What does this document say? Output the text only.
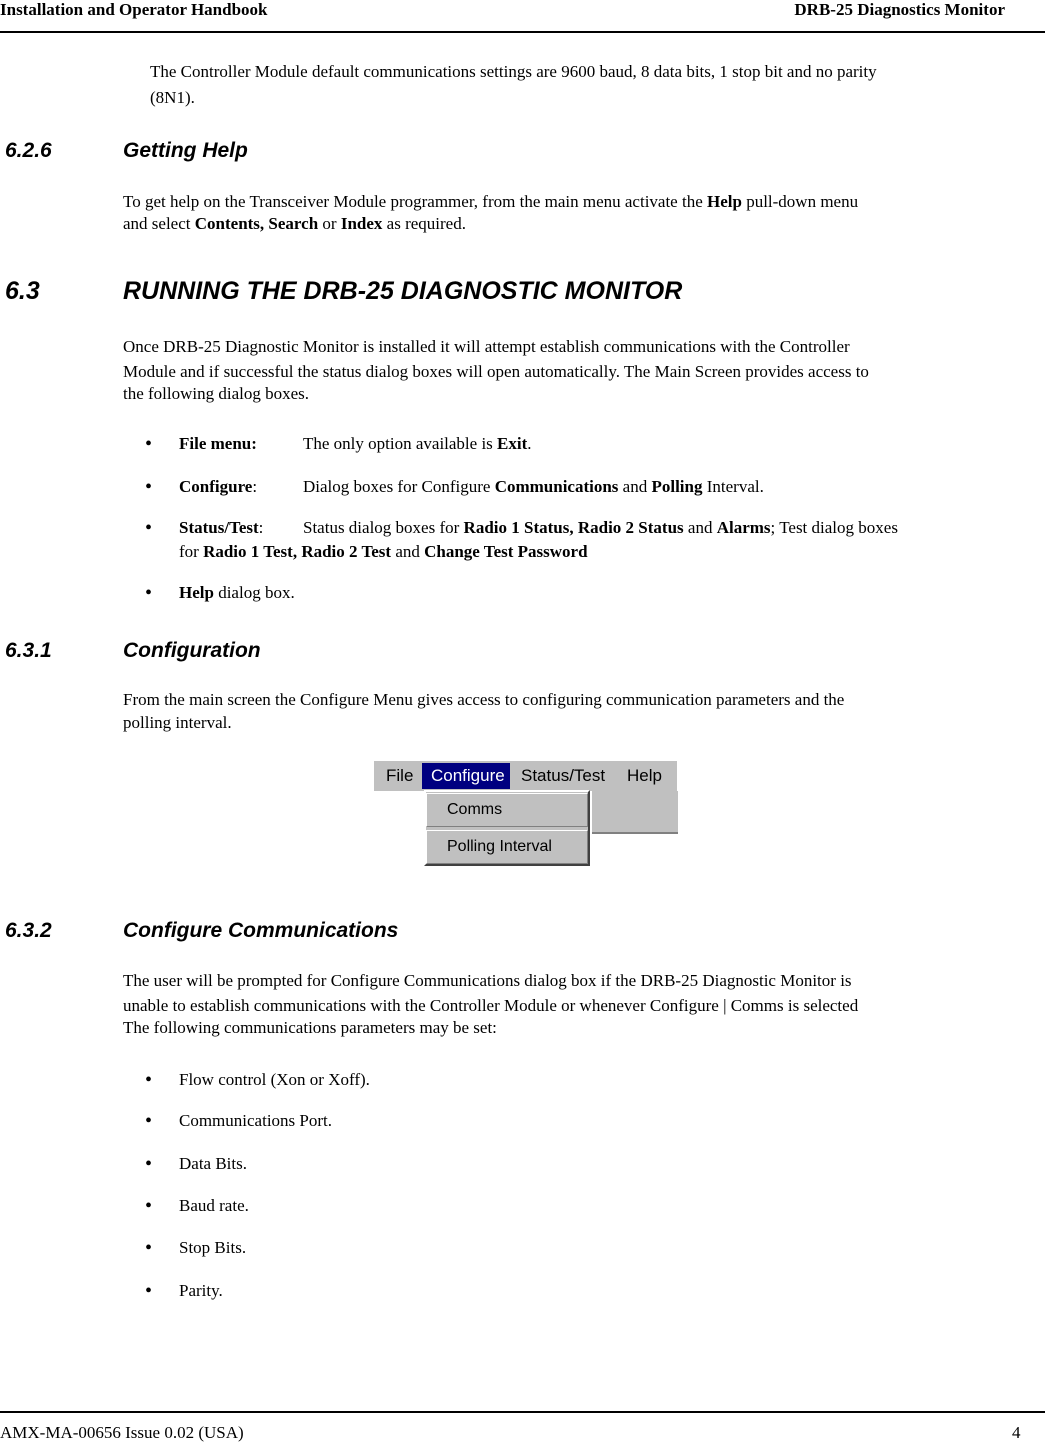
Installation and Operator Handbook	DRB-25 Diagnostics Monitor

The Controller Module default communications settings are 9600 baud, 8 data bits, 1 stop bit and no parity

(8N1).

6.2.6	Getting Help

To get help on the Transceiver Module programmer, from the main menu activate the Help pull-down menu

and select Contents, Search or Index as required.

6.3	RUNNING THE DRB-25 DIAGNOSTIC MONITOR

Once DRB-25 Diagnostic Monitor is installed it will attempt establish communications with the Controller

Module and if successful the status dialog boxes will open automatically. The Main Screen provides access to

the following dialog boxes.

• File menu:	The only option available is Exit.
• Configure:	Dialog boxes for Configure Communications and Polling Interval.
• Status/Test: Status dialog boxes for Radio 1 Status, Radio 2 Status and Alarms; Test dialog boxes
for Radio 1 Test, Radio 2 Test and Change Test Password
• Help dialog box.
6.3.1	Configuration

From the main screen the Configure Menu gives access to configuring communication parameters and the

polling interval.

File	Configure Status/Test Help
Comms
Polling Interval
6.3.2	Configure Communications

The user will be prompted for Configure Communications dialog box if the DRB-25 Diagnostic Monitor is

unable to establish communications with the Controller Module or whenever Configure | Comms is selected

The following communications parameters may be set:

• Flow control (Xon or Xoff).
• Communications Port.
• Data Bits.
• Baud rate.
• Stop Bits.
• Parity.
AMX-MA-00656 Issue 0.02 (USA)	4
